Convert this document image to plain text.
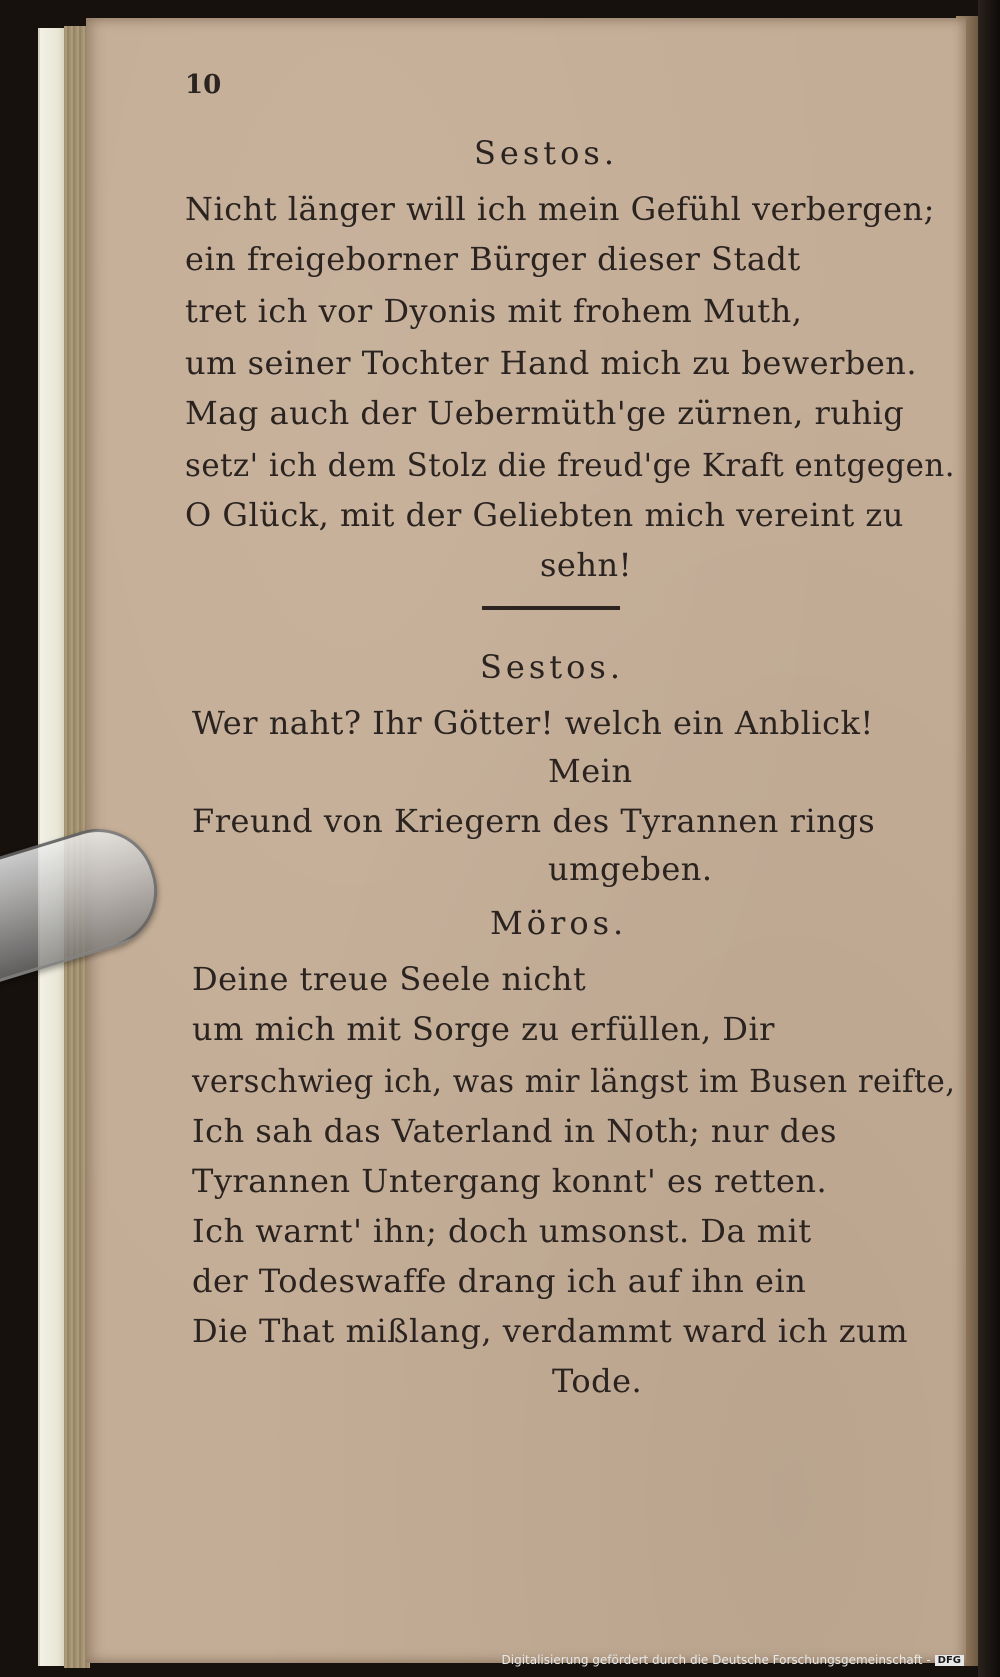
10
Sestos.
Nicht länger will ich mein Gefühl verbergen;
ein freigeborner Bürger dieser Stadt
tret ich vor Dyonis mit frohem Muth,
um seiner Tochter Hand mich zu bewerben.
Mag auch der Uebermüth'ge zürnen, ruhig
setz' ich dem Stolz die freud'ge Kraft entgegen.
O Glück, mit der Geliebten mich vereint zu
sehn!
Sestos.
Wer naht? Ihr Götter! welch ein Anblick!
Mein
Freund von Kriegern des Tyrannen rings
umgeben.
Möros.
Deine treue Seele nicht
um mich mit Sorge zu erfüllen, Dir
verschwieg ich, was mir längst im Busen reifte,
Ich sah das Vaterland in Noth; nur des
Tyrannen Untergang konnt' es retten.
Ich warnt' ihn; doch umsonst. Da mit
der Todeswaffe drang ich auf ihn ein
Die That mißlang, verdammt ward ich zum
Tode.
Digitalisierung gefördert durch die Deutsche Forschungsgemeinschaft - DFG
